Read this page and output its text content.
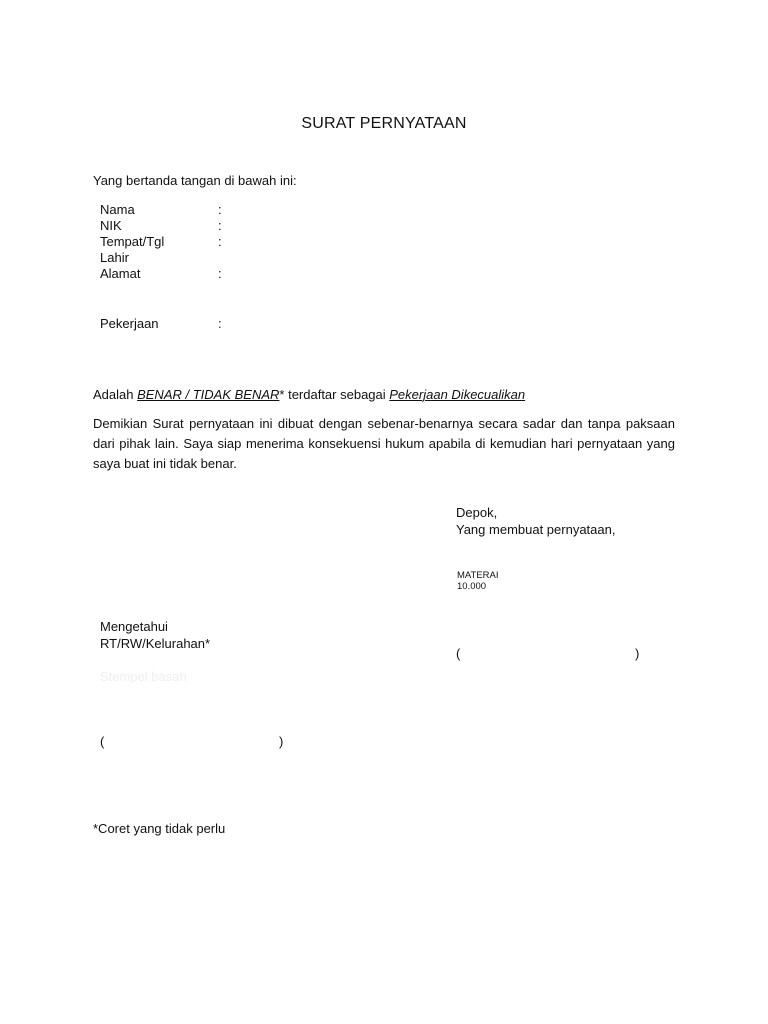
SURAT PERNYATAAN
Yang bertanda tangan di bawah ini:
Nama	:
NIK	:
Tempat/Tgl	:
Lahir
Alamat	:
Pekerjaan	:
Adalah BENAR / TIDAK BENAR* terdaftar sebagai Pekerjaan Dikecualikan

Demikian Surat pernyataan ini dibuat dengan sebenar-benarnya secara sadar dan tanpa paksaan dari pihak lain. Saya siap menerima konsekuensi hukum apabila di kemudian hari pernyataan yang saya buat ini tidak benar.

Depok,
Yang membuat pernyataan,
MATERAI
10.000
(	)
Mengetahui
RT/RW/Kelurahan*
Stempel basah
(	)
*Coret yang tidak perlu
